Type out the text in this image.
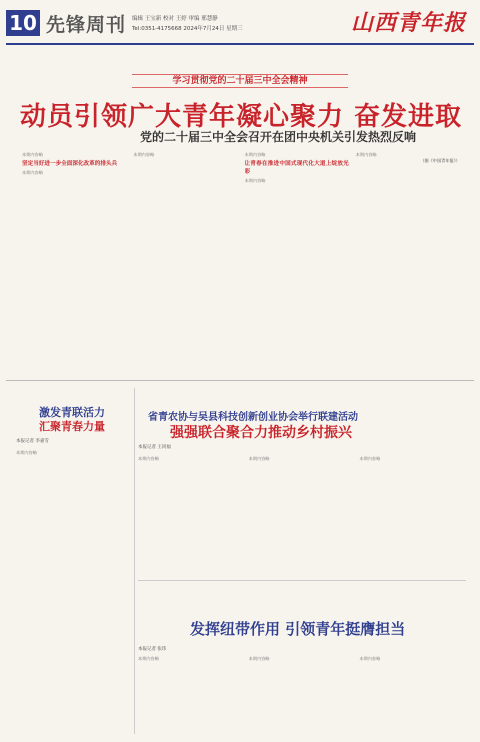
10 先锋周刊 编辑 王宝新 校对 王婷 审编 邢慧静
Tel:0351-4175668 2024年7月24日 星期三	山西青年报
学习贯彻党的二十届三中全会精神
动员引领广大青年凝心聚力 奋发进取
党的二十届三中全会召开在团中央机关引发热烈反响

本期内容略

坚定当好进一步全面深化改革的排头兵

本期内容略

本期内容略	本期内容略

让青春在推进中国式现代化大道上绽放光彩

本期内容略

本期内容略

（据《中国青年报》）

激发青联活力
汇聚青春力量
本报记者 李嘉雪

本期内容略

省青农协与吴县科技创新创业协会举行联建活动
强强联合聚合力推动乡村振兴
本报记者 王同福

本期内容略	本期内容略	本期内容略

发挥纽带作用 引领青年挺膺担当
本报记者 张玮

本期内容略	本期内容略	本期内容略
